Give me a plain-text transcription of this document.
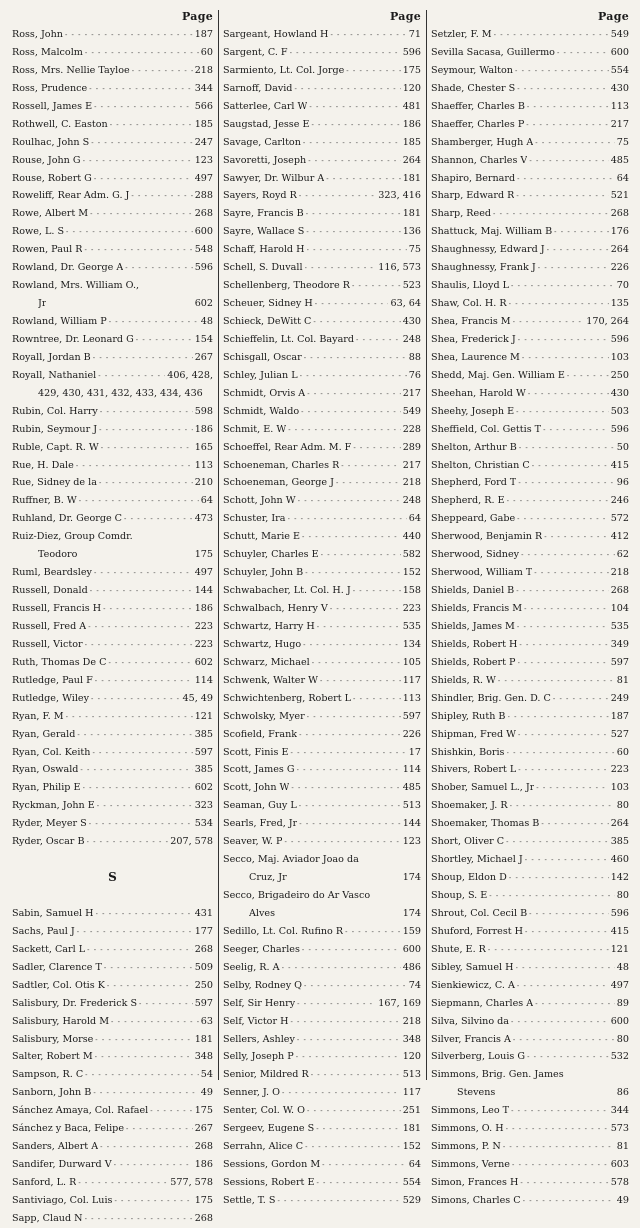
Page
Ross, John - - -	187
Ross, Malcolm - - -	60
Ross, Mrs. Nellie Tayloe - - -	218
Ross, Prudence - - -	344
Rossell, James E - - -	566
Rothwell, C. Easton - - -	185
Roulhac, John S - - -	247
Rouse, John G - - -	123
Rouse, Robert G - - -	497
Roweliff, Rear Adm. G. J - - -	288
Rowe, Albert M - - -	268
Rowe, L. S - - -	600
Rowen, Paul R - - -	548
Rowland, Dr. George A - - -	596
Rowland, Mrs. William O.,
Jr	602
Rowland, William P - - -	48
Rowntree, Dr. Leonard G - - -	154
Royall, Jordan B - - -	267
Royall, Nathaniel - - -	406, 428,
429, 430, 431, 432, 433, 434, 436
Rubin, Col. Harry - - -	598
Rubin, Seymour J - - -	186
Ruble, Capt. R. W - - -	165
Rue, H. Dale - - -	113
Rue, Sidney de la - - -	210
Ruffner, B. W - - -	64
Ruhland, Dr. George C - - -	473
Ruiz-Diez, Group Comdr.
Teodoro	175
Ruml, Beardsley - - -	497
Russell, Donald - - -	144
Russell, Francis H - - -	186
Russell, Fred A - - -	223
Russell, Victor - - -	223
Ruth, Thomas De C - - -	602
Rutledge, Paul F - - -	114
Rutledge, Wiley - - -	45, 49
Ryan, F. M - - -	121
Ryan, Gerald - - -	385
Ryan, Col. Keith - - -	597
Ryan, Oswald - - -	385
Ryan, Philip E - - -	602
Ryckman, John E - - -	323
Ryder, Meyer S - - -	534
Ryder, Oscar B - - -	207, 578
S
Sabin, Samuel H - - -	431
Sachs, Paul J - - -	177
Sackett, Carl L - - -	268
Sadler, Clarence T - - -	509
Sadtler, Col. Otis K - - -	250
Salisbury, Dr. Frederick S - - -	597
Salisbury, Harold M - - -	63
Salisbury, Morse - - -	181
Salter, Robert M - - -	348
Sampson, R. C - - -	54
Sanborn, John B - - -	49
Sánchez Amaya, Col. Rafael - - -	175
Sánchez y Baca, Felipe - - -	267
Sanders, Albert A - - -	268
Sandifer, Durward V - - -	186
Sanford, L. R - - -	577, 578
Santiviago, Col. Luis - - -	175
Sapp, Claud N - - -	268
Page
Sargeant, Howland H - - -	71
Sargent, C. F - - -	596
Sarmiento, Lt. Col. Jorge - - -	175
Sarnoff, David - - -	120
Satterlee, Carl W - - -	481
Saugstad, Jesse E - - -	186
Savage, Carlton - - -	185
Savoretti, Joseph - - -	264
Sawyer, Dr. Wilbur A - - -	181
Sayers, Royd R - - -	323, 416
Sayre, Francis B - - -	181
Sayre, Wallace S - - -	136
Schaff, Harold H - - -	75
Schell, S. Duvall - - -	116, 573
Schellenberg, Theodore R - - -	523
Scheuer, Sidney H - - -	63, 64
Schieck, DeWitt C - - -	430
Schieffelin, Lt. Col. Bayard - - -	248
Schisgall, Oscar - - -	88
Schley, Julian L - - -	76
Schmidt, Orvis A - - -	217
Schmidt, Waldo - - -	549
Schmit, E. W - - -	228
Schoeffel, Rear Adm. M. F - - -	289
Schoeneman, Charles R - - -	217
Schoeneman, George J - - -	218
Schott, John W - - -	248
Schuster, Ira - - -	64
Schutt, Marie E - - -	440
Schuyler, Charles E - - -	582
Schuyler, John B - - -	152
Schwabacher, Lt. Col. H. J - - -	158
Schwalbach, Henry V - - -	223
Schwartz, Harry H - - -	535
Schwartz, Hugo - - -	134
Schwarz, Michael - - -	105
Schwenk, Walter W - - -	117
Schwichtenberg, Robert L - - -	113
Schwolsky, Myer - - -	597
Scofield, Frank - - -	226
Scott, Finis E - - -	17
Scott, James G - - -	114
Scott, John W - - -	485
Seaman, Guy L - - -	513
Searls, Fred, Jr - - -	144
Seaver, W. P - - -	123
Secco, Maj. Aviador Joao da
Cruz, Jr	174
Secco, Brigadeiro do Ar Vasco
Alves	174
Sedillo, Lt. Col. Rufino R - - -	159
Seeger, Charles - - -	600
Seelig, R. A - - -	486
Selby, Rodney Q - - -	74
Self, Sir Henry - - -	167, 169
Self, Victor H - - -	218
Sellers, Ashley - - -	348
Selly, Joseph P - - -	120
Senior, Mildred R - - -	513
Senner, J. O - - -	117
Senter, Col. W. O - - -	251
Sergeev, Eugene S - - -	181
Serrahn, Alice C - - -	152
Sessions, Gordon M - - -	64
Sessions, Robert E - - -	554
Settle, T. S - - -	529
Page
Setzler, F. M - - -	549
Sevilla Sacasa, Guillermo - - -	600
Seymour, Walton - - -	554
Shade, Chester S - - -	430
Shaeffer, Charles B - - -	113
Shaeffer, Charles P - - -	217
Shamberger, Hugh A - - -	75
Shannon, Charles V - - -	485
Shapiro, Bernard - - -	64
Sharp, Edward R - - -	521
Sharp, Reed - - -	268
Shattuck, Maj. William B - - -	176
Shaughnessy, Edward J - - -	264
Shaughnessy, Frank J - - -	226
Shaulis, Lloyd L - - -	70
Shaw, Col. H. R - - -	135
Shea, Francis M - - -	170, 264
Shea, Frederick J - - -	596
Shea, Laurence M - - -	103
Shedd, Maj. Gen. William E - - -	250
Sheehan, Harold W - - -	430
Sheehy, Joseph E - - -	503
Sheffield, Col. Gettis T - - -	596
Shelton, Arthur B - - -	50
Shelton, Christian C - - -	415
Shepherd, Ford T - - -	96
Shepherd, R. E - - -	246
Sheppeard, Gabe - - -	572
Sherwood, Benjamin R - - -	412
Sherwood, Sidney - - -	62
Sherwood, William T - - -	218
Shields, Daniel B - - -	268
Shields, Francis M - - -	104
Shields, James M - - -	535
Shields, Robert H - - -	349
Shields, Robert P - - -	597
Shields, R. W - - -	81
Shindler, Brig. Gen. D. C - - -	249
Shipley, Ruth B - - -	187
Shipman, Fred W - - -	527
Shishkin, Boris - - -	60
Shivers, Robert L - - -	223
Shober, Samuel L., Jr - - -	103
Shoemaker, J. R - - -	80
Shoemaker, Thomas B - - -	264
Short, Oliver C - - -	385
Shortley, Michael J - - -	460
Shoup, Eldon D - - -	142
Shoup, S. E - - -	80
Shrout, Col. Cecil B - - -	596
Shuford, Forrest H - - -	415
Shute, E. R - - -	121
Sibley, Samuel H - - -	48
Sienkiewicz, C. A - - -	497
Siepmann, Charles A - - -	89
Silva, Silvino da - - -	600
Silver, Francis A - - -	80
Silverberg, Louis G - - -	532
Simmons, Brig. Gen. James
Stevens	86
Simmons, Leo T - - -	344
Simmons, O. H - - -	573
Simmons, P. N - - -	81
Simmons, Verne - - -	603
Simon, Frances H - - -	578
Simons, Charles C - - -	49
